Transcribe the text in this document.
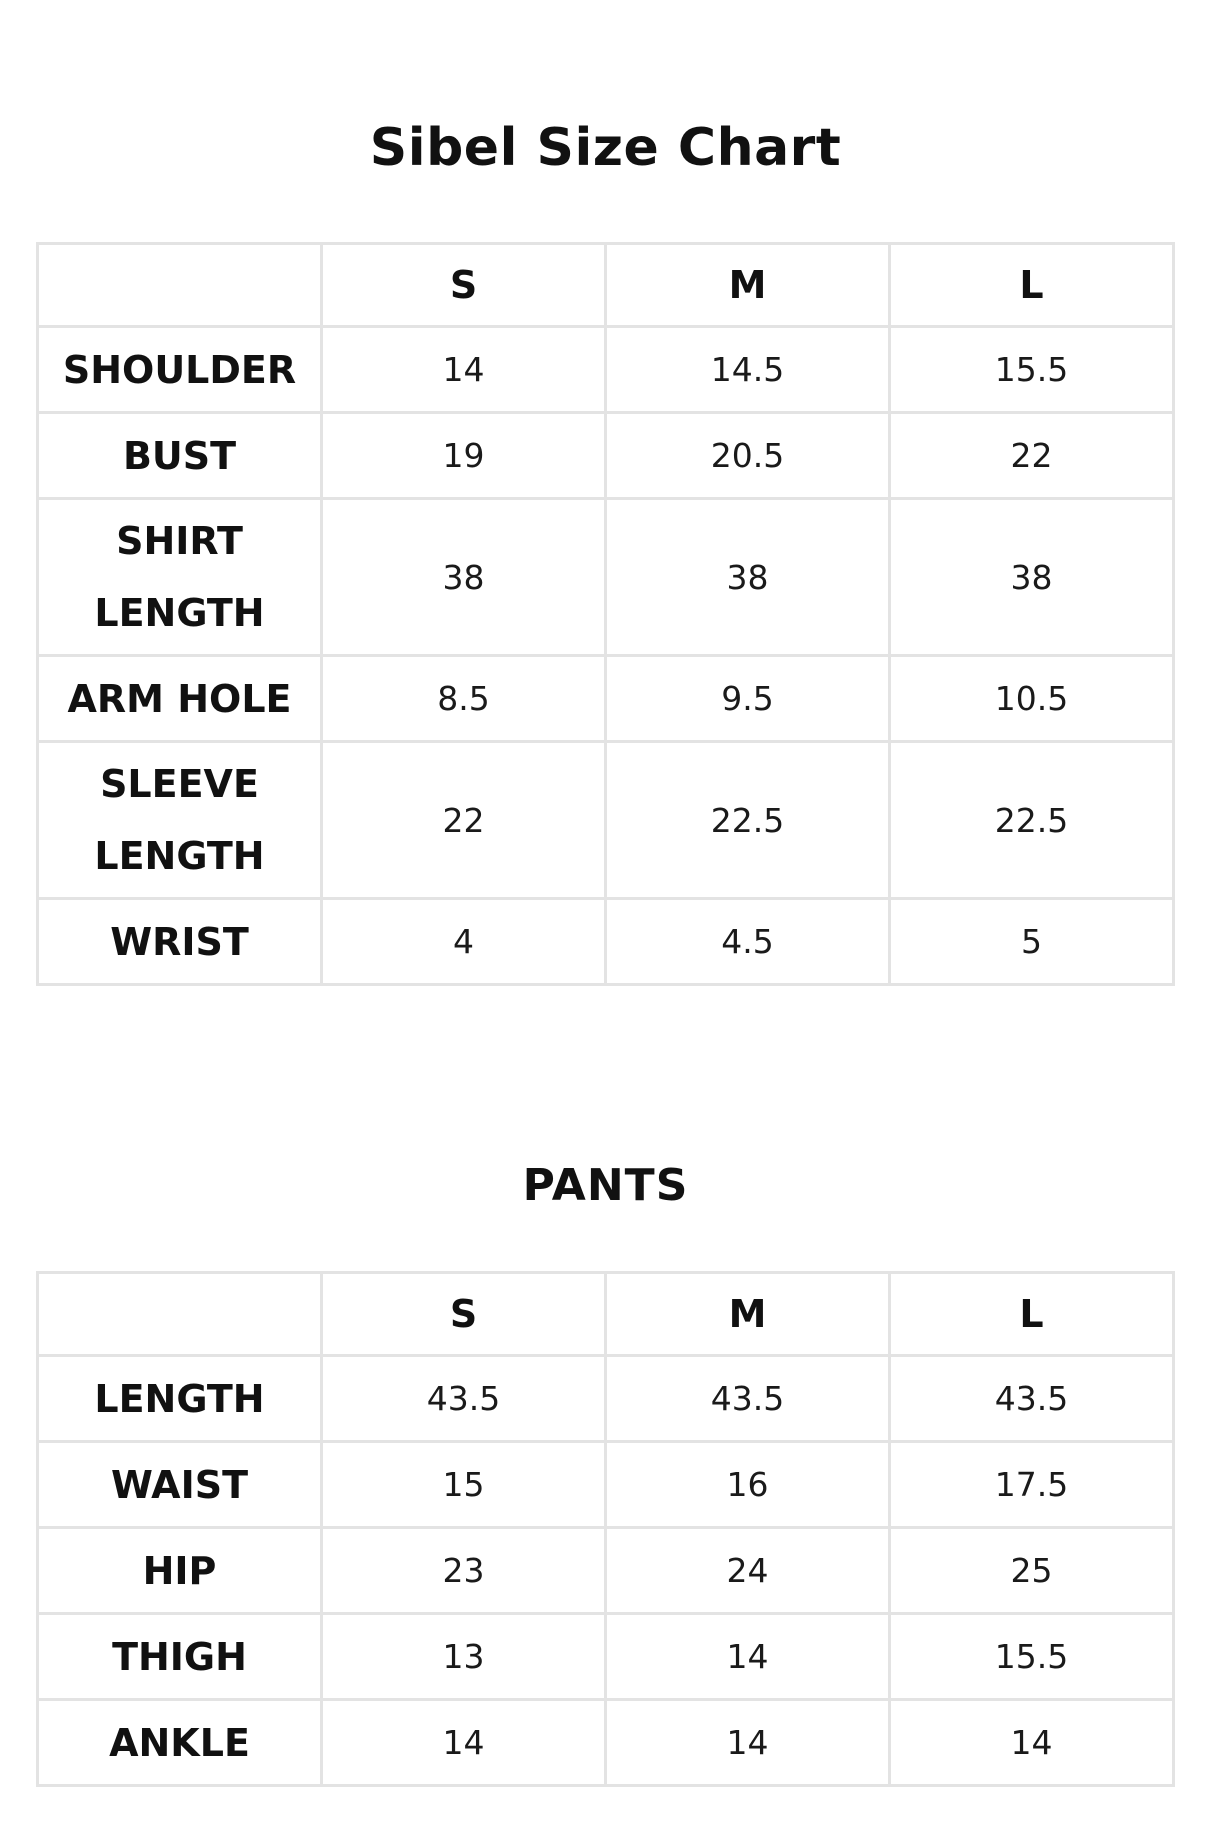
Sibel Size Chart
	S	M	L
SHOULDER	14	14.5	15.5
BUST	19	20.5	22

SHIRT
LENGTH	38	38	38
ARM HOLE	8.5	9.5	10.5

SLEEVE
LENGTH	22	22.5	22.5
WRIST	4	4.5	5
PANTS
	S	M	L
LENGTH	43.5	43.5	43.5
WAIST	15	16	17.5
HIP	23	24	25
THIGH	13	14	15.5
ANKLE	14	14	14
